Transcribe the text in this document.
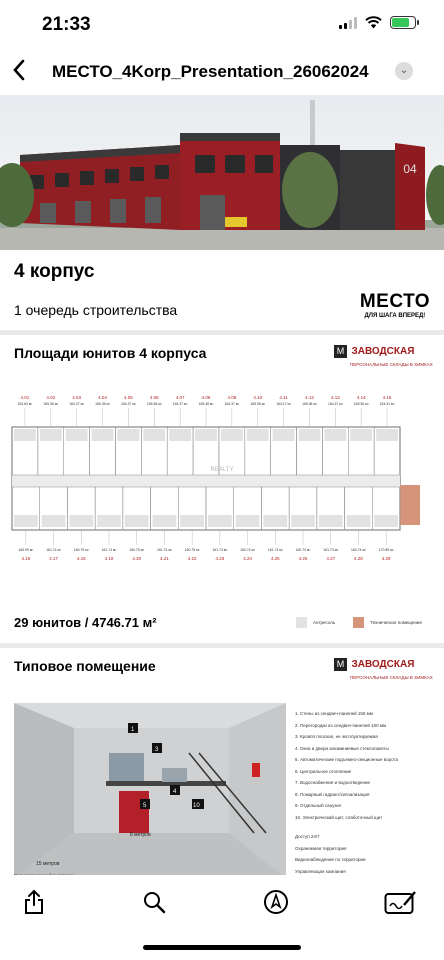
21:33
МЕСТО_4Korp_Presentation_26062024	⌄
04
4 корпус
1 очередь строительства	МЕСТО
ДЛЯ ШАГА ВПЕРЕД!
Площади юнитов 4 корпуса	M ЗАВОДСКАЯ
ПЕРСОНАЛЬНЫЕ СКЛАДЫ В ХИМКАХ
4.15
164.31 м²
4.14
165.36 м²
4.13
164.37 м²
4.12
165.38 м²
4.11
164.17 м²
4.10
165.36 м²
4.09
164.37 м²
4.08
165.38 м²
4.07
164.37 м²
4.06
165.36 м²
4.05
164.37 м²
4.04
165.36 м²
4.03
164.37 м²
4.02
165.36 м²
4.01
153.63 м²
160.59 м²
4.16
161.74 м²
4.17
160.75 м²
4.18
161.74 м²
4.19
160.75 м²
4.20
161.74 м²
4.21
160.75 м²
4.22
161.74 м²
4.23
160.74 м²
4.24
161.74 м²
4.25
160.74 м²
4.26
161.73 м²
4.27
160.74 м²
4.28
170.85 м²
4.29
REALTY
29 юнитов / 4746.71 м²	Антресоль	Техническое помещение
Типовое помещение	M ЗАВОДСКАЯ
ПЕРСОНАЛЬНЫЕ СКЛАДЫ В ХИМКАХ
1
3
4
5	10
8 метров
15 метров
1. Стены из сендвич-панелей 150 мм
2. Перегородки из сендвич-панелей 100 мм
3. Кровля плоская, не эксплуатируемая
4. Окна и двери алюминиевые стеклопакеты
5. Автоматические подъемно-секционные ворота
6. Центральное отопление
7. Водоснабжение и водоотведение
8. Пожарный гидрант/сигнализация
9. Отдельный санузел
10. Электрический щит, слаботочный щит
Доступ 24/7
Охраняемая территория
Видеонаблюдение по территории
Управляющая компания
